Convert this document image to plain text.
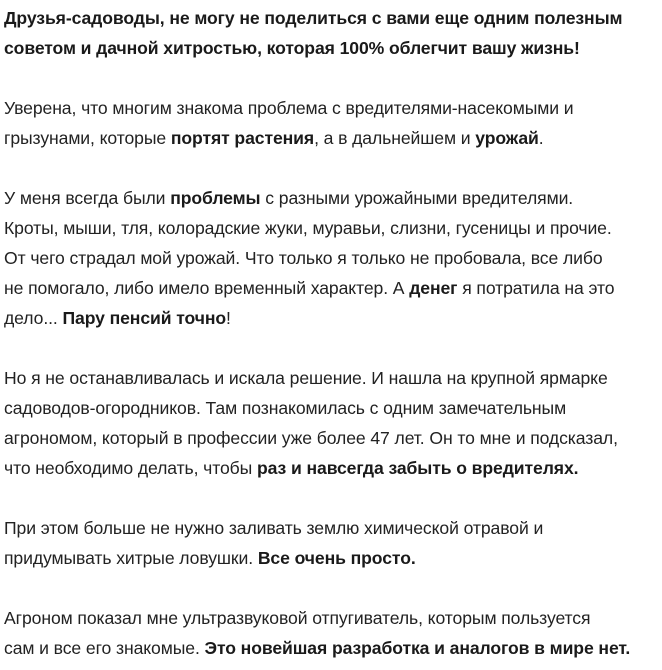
Друзья-садоводы, не могу не поделиться с вами еще одним полезным
советом и дачной хитростью, которая 100% облегчит вашу жизнь!

Уверена, что многим знакома проблема с вредителями-насекомыми и
грызунами, которые портят растения, а в дальнейшем и урожай.

У меня всегда были проблемы с разными урожайными вредителями.
Кроты, мыши, тля, колорадские жуки, муравьи, слизни, гусеницы и прочие.
От чего страдал мой урожай. Что только я только не пробовала, все либо
не помогало, либо имело временный характер. А денег я потратила на это
дело... Пару пенсий точно!

Но я не останавливалась и искала решение. И нашла на крупной ярмарке
садоводов-огородников. Там познакомилась с одним замечательным
агрономом, который в профессии уже более 47 лет. Он то мне и подсказал,
что необходимо делать, чтобы раз и навсегда забыть о вредителях.

При этом больше не нужно заливать землю химической отравой и
придумывать хитрые ловушки. Все очень просто.

Агроном показал мне ультразвуковой отпугиватель, которым пользуется
сам и все его знакомые. Это новейшая разработка и аналогов в мире нет.
